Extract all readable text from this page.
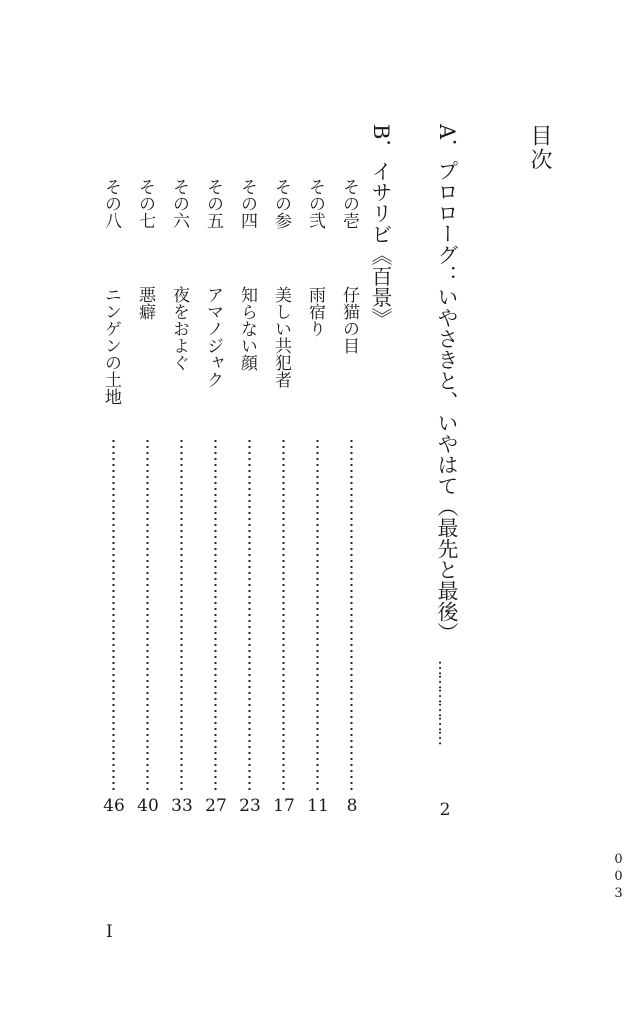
目次
A．プロローグ：いやさきと、いやはて（最先と最後）
………………
2
B．イサリビ《百景》
その壱
仔猫の目
8
その弐
雨宿り
11
その参
美しい共犯者
17
その四
知らない顔
23
その五
アマノジャク
27
その六
夜をおよぐ
33
その七
悪癖
40
その八
ニンゲンの土地
46
003
I
